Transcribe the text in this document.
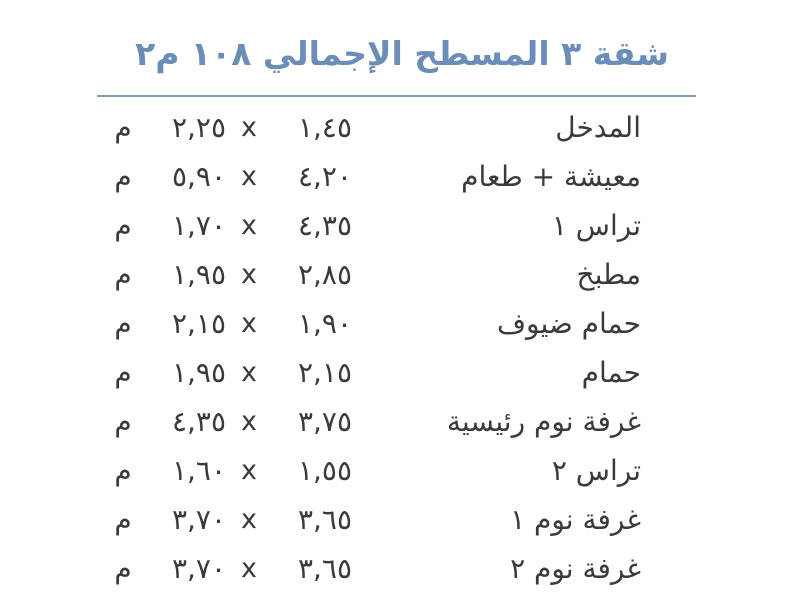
شقة ٣ المسطح الإجمالي ١٠٨ م٢
المدخل
١,٤٥
x
٢,٢٥
م
معيشة + طعام
٤,٢٠
x
٥,٩٠
م
تراس ١
٤,٣٥
x
١,٧٠
م
مطبخ
٢,٨٥
x
١,٩٥
م
حمام ضيوف
١,٩٠
x
٢,١٥
م
حمام
٢,١٥
x
١,٩٥
م
غرفة نوم رئيسية
٣,٧٥
x
٤,٣٥
م
تراس ٢
١,٥٥
x
١,٦٠
م
غرفة نوم ١
٣,٦٥
x
٣,٧٠
م
غرفة نوم ٢
٣,٦٥
x
٣,٧٠
م
